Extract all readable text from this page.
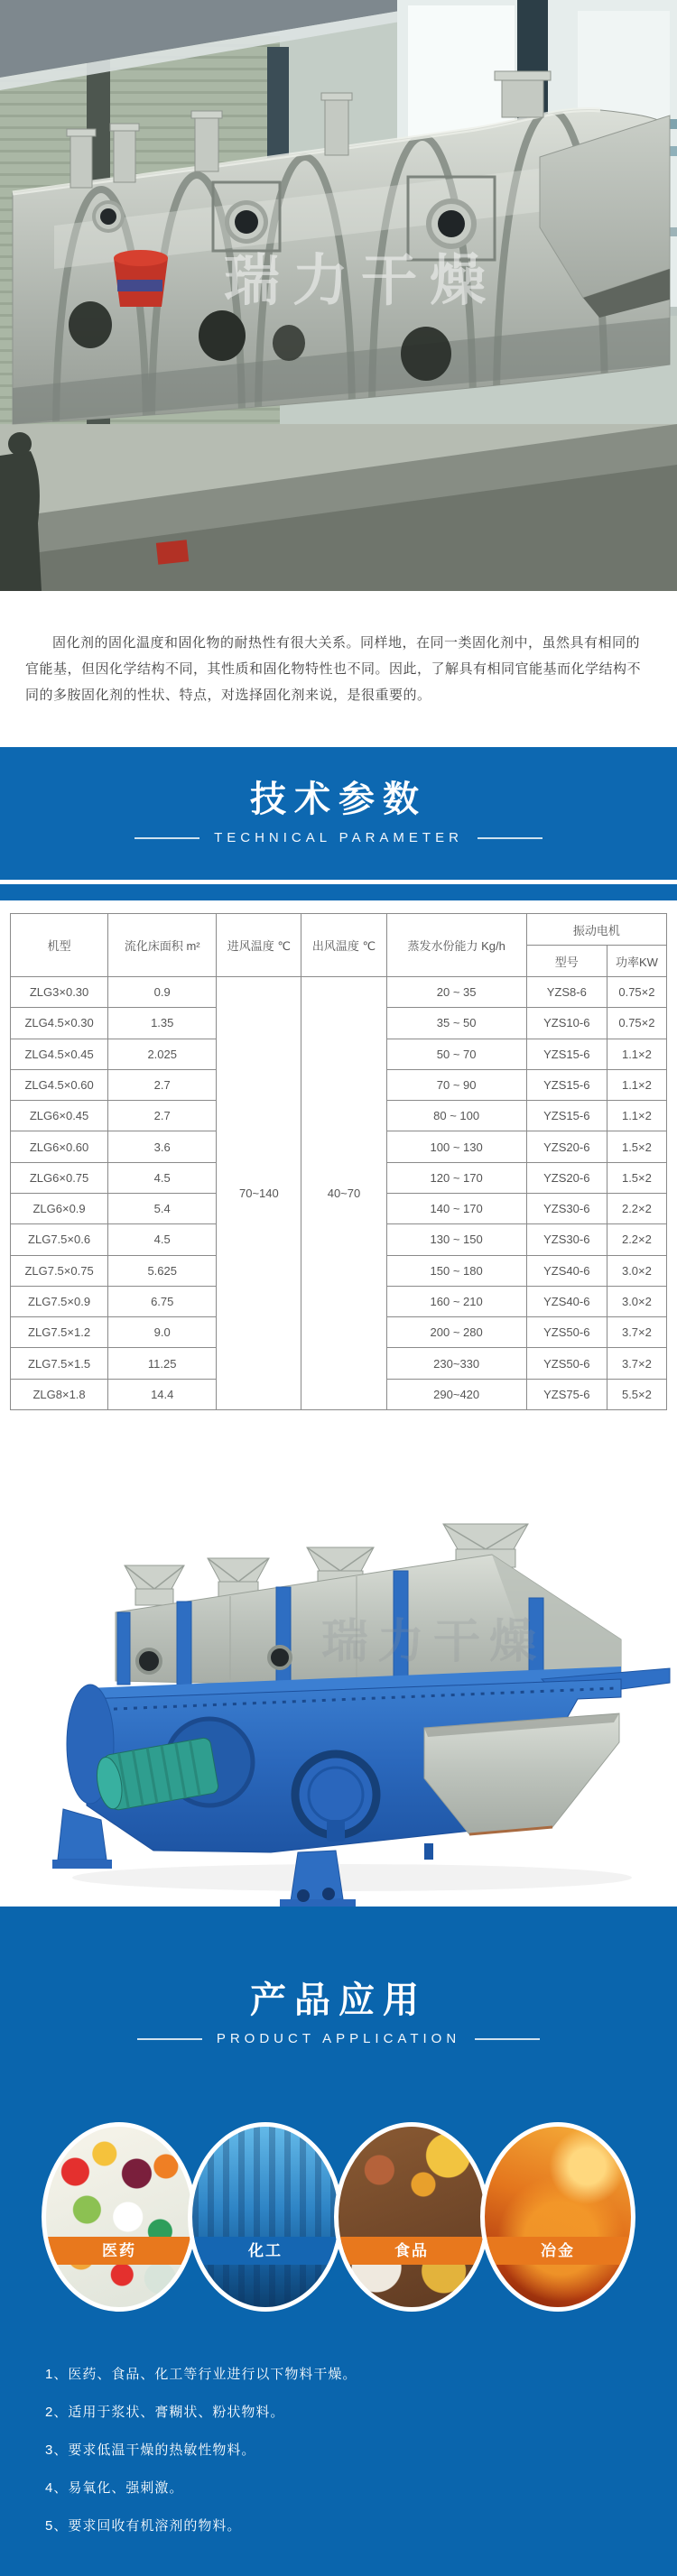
瑞力干燥

固化剂的固化温度和固化物的耐热性有很大关系。同样地，在同一类固化剂中，虽然具有相同的官能基，但因化学结构不同，其性质和固化物特性也不同。因此，了解具有相同官能基而化学结构不同的多胺固化剂的性状、特点，对选择固化剂来说，是很重要的。

技术参数
TECHNICAL PARAMETER
机型	流化床面积 m²	进风温度 ℃	出风温度 ℃	蒸发水份能力 Kg/h	振动电机	
					型号	功率KW
ZLG3×0.30	0.9	70~140	40~70	20 ~ 35	YZS8-6	0.75×2
ZLG4.5×0.30	1.35			35 ~ 50	YZS10-6	0.75×2
ZLG4.5×0.45	2.025			50 ~ 70	YZS15-6	1.1×2
ZLG4.5×0.60	2.7			70 ~ 90	YZS15-6	1.1×2
ZLG6×0.45	2.7			80 ~ 100	YZS15-6	1.1×2
ZLG6×0.60	3.6			100 ~ 130	YZS20-6	1.5×2
ZLG6×0.75	4.5			120 ~ 170	YZS20-6	1.5×2
ZLG6×0.9	5.4			140 ~ 170	YZS30-6	2.2×2
ZLG7.5×0.6	4.5			130 ~ 150	YZS30-6	2.2×2
ZLG7.5×0.75	5.625			150 ~ 180	YZS40-6	3.0×2
ZLG7.5×0.9	6.75			160 ~ 210	YZS40-6	3.0×2
ZLG7.5×1.2	9.0			200 ~ 280	YZS50-6	3.7×2
ZLG7.5×1.5	11.25			230~330	YZS50-6	3.7×2
ZLG8×1.8	14.4			290~420	YZS75-6	5.5×2
瑞力干燥
产品应用
PRODUCT APPLICATION
医药	化工	食品	冶金
1、医药、食品、化工等行业进行以下物料干燥。
2、适用于浆状、膏糊状、粉状物料。
3、要求低温干燥的热敏性物料。
4、易氧化、强刺激。
5、要求回收有机溶剂的物料。
